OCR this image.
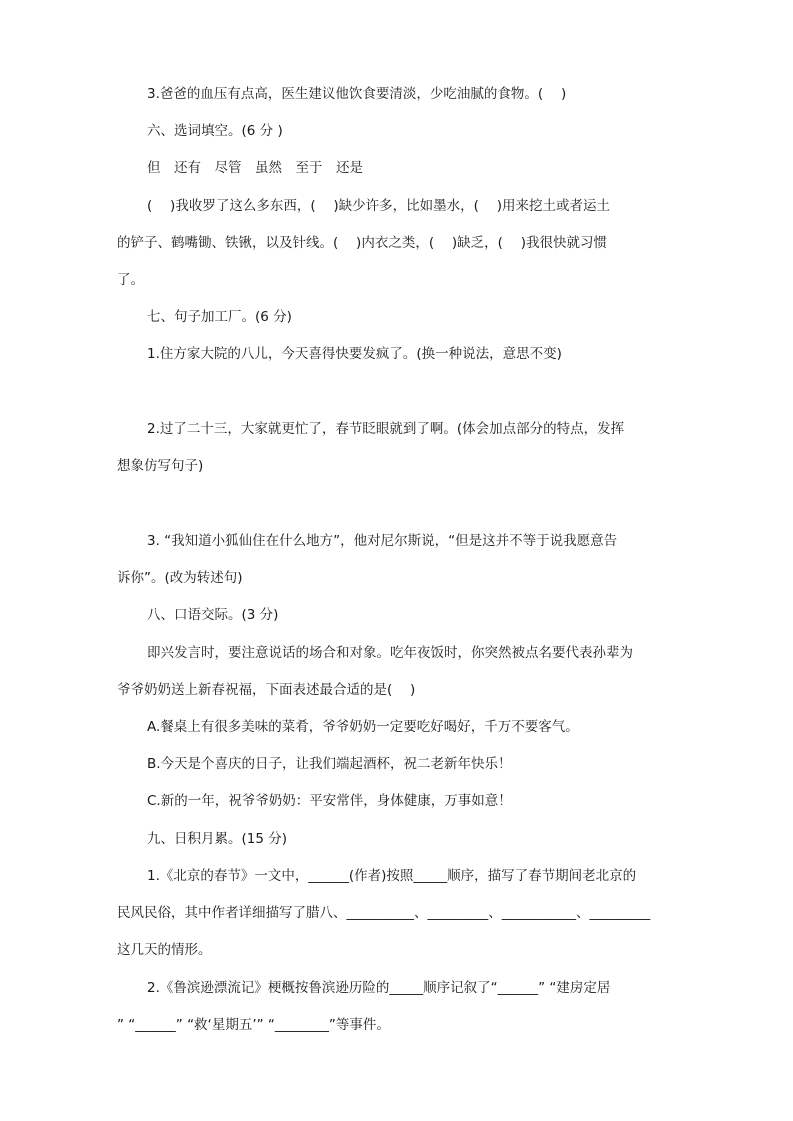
3.爸爸的血压有点高，医生建议他饮食要清淡，少吃油腻的食物。(　 )
六、选词填空。(6 分 )
但　还有　尽管　虽然　至于　还是
(　 )我收罗了这么多东西，(　 )缺少许多，比如墨水，(　 )用来挖土或者运土
的铲子、鹤嘴锄、铁锹，以及针线。(　 )内衣之类，(　 )缺乏，(　 )我很快就习惯
了。
七、句子加工厂。(6 分)
1.住方家大院的八儿，今天喜得快要发疯了。(换一种说法，意思不变)
2.过了二十三，大家就更忙了，春节眨眼就到了啊。(体会加点部分的特点，发挥
想象仿写句子)
3. “我知道小狐仙住在什么地方”，他对尼尔斯说，“但是这并不等于说我愿意告
诉你”。(改为转述句)
八、口语交际。(3 分)
即兴发言时，要注意说话的场合和对象。吃年夜饭时，你突然被点名要代表孙辈为
爷爷奶奶送上新春祝福，下面表述最合适的是(　 )
A.餐桌上有很多美味的菜肴，爷爷奶奶一定要吃好喝好，千万不要客气。
B.今天是个喜庆的日子，让我们端起酒杯，祝二老新年快乐！
C.新的一年，祝爷爷奶奶：平安常伴，身体健康，万事如意！
九、日积月累。(15 分)
1.《北京的春节》一文中，______(作者)按照_____顺序，描写了春节期间老北京的
民风民俗，其中作者详细描写了腊八、__________、_________、___________、_________
这几天的情形。
2.《鲁滨逊漂流记》梗概按鲁滨逊历险的_____顺序记叙了“______” “建房定居
” “______” “救‘星期五’” “________”等事件。
